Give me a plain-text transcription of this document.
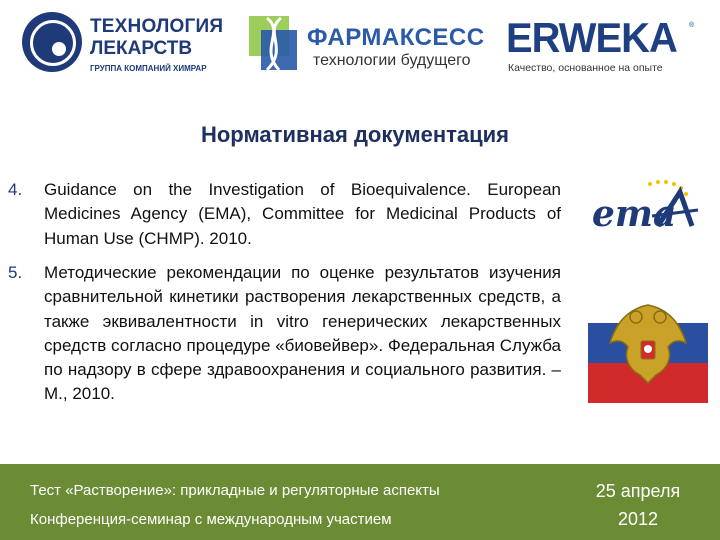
ТЕХНОЛОГИЯ
ЛЕКАРСТВ
ГРУППА КОМПАНИЙ ХИМРАР
ФАРМАКСЕСС
технологии будущего ERWEKA ®
Качество, основанное на опыте
Нормативная документация
4. Guidance on the Investigation of Bioequivalence. European Medicines Agency (EMA), Committee for Medicinal Products of Human Use (CHMP). 2010.
5. Методические рекомендации по оценке результатов изучения сравнительной кинетики растворения лекарственных средств, а также эквивалентности in vitro генерических лекарственных средств согласно процедуре «биовейвер». Федеральная Служба по надзору в сфере здравоохранения и социального развития. – М., 2010.
ema
Тест «Растворение»: прикладные и регуляторные аспекты
Конференция-семинар с международным участием
25 апреля
2012
